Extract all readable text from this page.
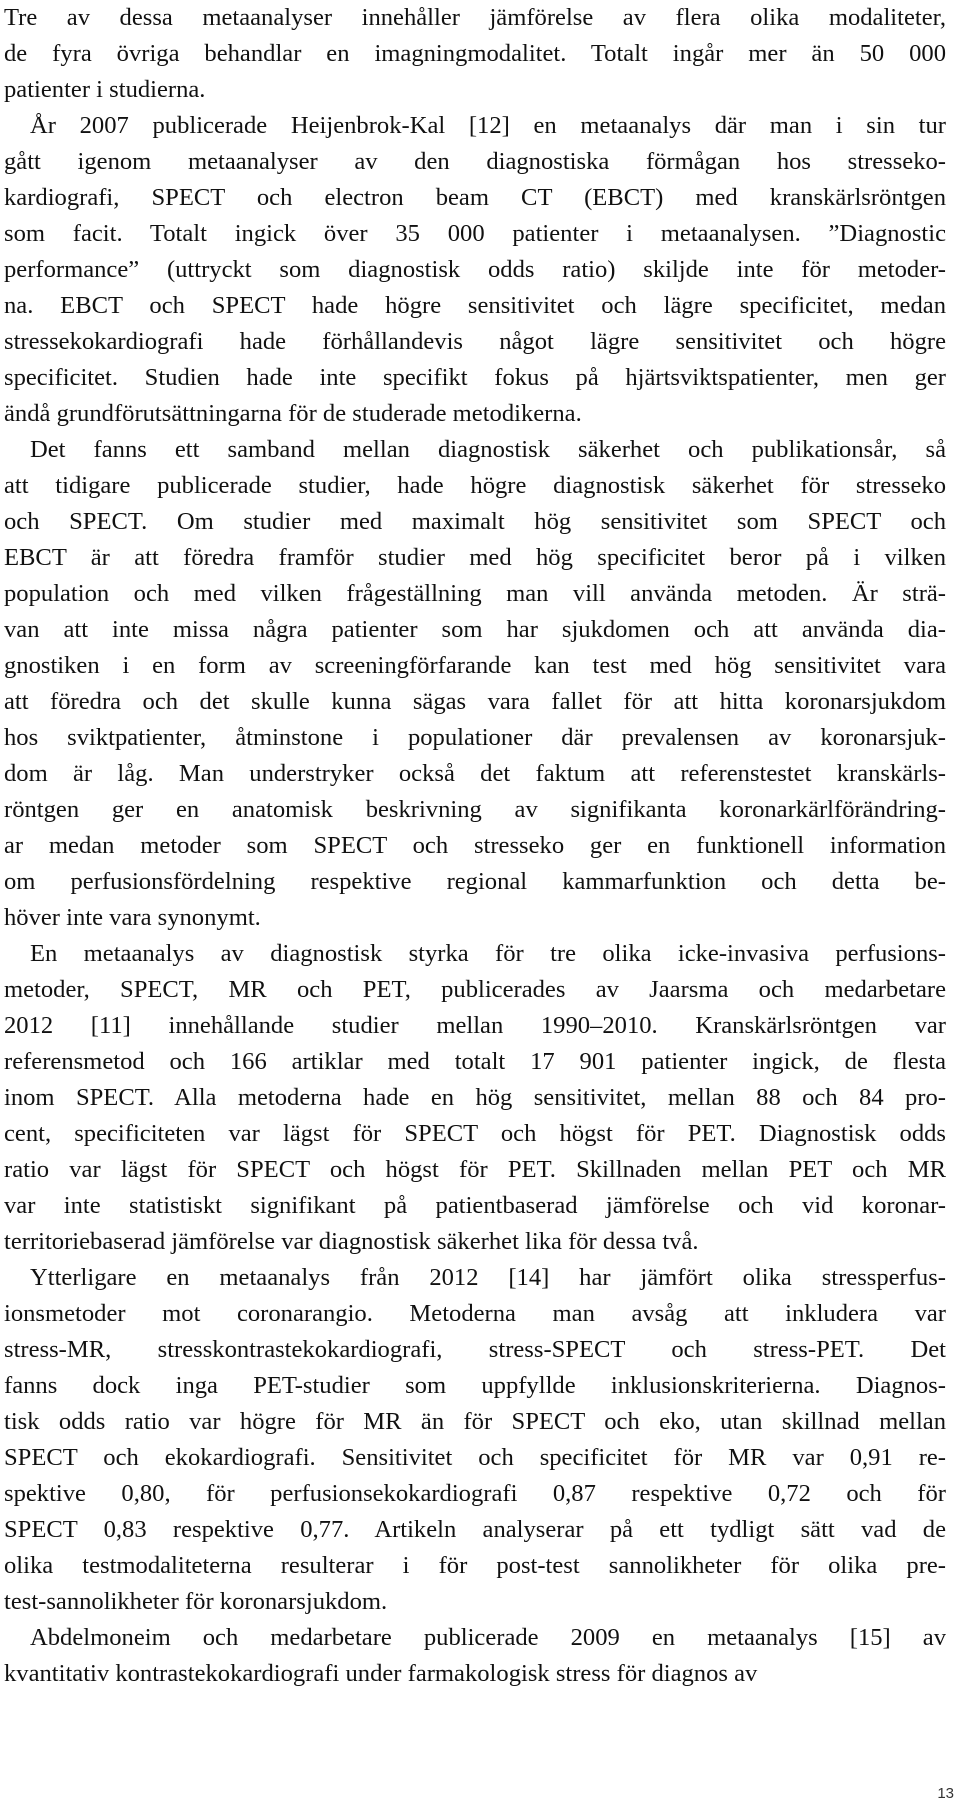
Tre av dessa metaanalyser innehåller jämförelse av flera olika modaliteter,
de fyra övriga behandlar en imagningmodalitet. Totalt ingår mer än 50 000
patienter i studierna.
År 2007 publicerade Heijenbrok-Kal [12] en metaanalys där man i sin tur
gått igenom metaanalyser av den diagnostiska förmågan hos stresseko-
kardiografi, SPECT och electron beam CT (EBCT) med kranskärlsröntgen
som facit. Totalt ingick över 35 000 patienter i metaanalysen. ”Diagnostic
performance” (uttryckt som diagnostisk odds ratio) skiljde inte för metoder-
na. EBCT och SPECT hade högre sensitivitet och lägre specificitet, medan
stressekokardiografi hade förhållandevis något lägre sensitivitet och högre
specificitet. Studien hade inte specifikt fokus på hjärtsviktspatienter, men ger
ändå grundförutsättningarna för de studerade metodikerna.
Det fanns ett samband mellan diagnostisk säkerhet och publikationsår, så
att tidigare publicerade studier, hade högre diagnostisk säkerhet för stresseko
och SPECT. Om studier med maximalt hög sensitivitet som SPECT och
EBCT är att föredra framför studier med hög specificitet beror på i vilken
population och med vilken frågeställning man vill använda metoden. Är strä-
van att inte missa några patienter som har sjukdomen och att använda dia-
gnostiken i en form av screeningförfarande kan test med hög sensitivitet vara
att föredra och det skulle kunna sägas vara fallet för att hitta koronarsjukdom
hos sviktpatienter, åtminstone i populationer där prevalensen av koronarsjuk-
dom är låg. Man understryker också det faktum att referenstestet kranskärls-
röntgen ger en anatomisk beskrivning av signifikanta koronarkärlförändring-
ar medan metoder som SPECT och stresseko ger en funktionell information
om perfusionsfördelning respektive regional kammarfunktion och detta be-
höver inte vara synonymt.
En metaanalys av diagnostisk styrka för tre olika icke-invasiva perfusions-
metoder, SPECT, MR och PET, publicerades av Jaarsma och medarbetare
2012 [11] innehållande studier mellan 1990–2010. Kranskärlsröntgen var
referensmetod och 166 artiklar med totalt 17 901 patienter ingick, de flesta
inom SPECT. Alla metoderna hade en hög sensitivitet, mellan 88 och 84 pro-
cent, specificiteten var lägst för SPECT och högst för PET. Diagnostisk odds
ratio var lägst för SPECT och högst för PET. Skillnaden mellan PET och MR
var inte statistiskt signifikant på patientbaserad jämförelse och vid koronar-
territoriebaserad jämförelse var diagnostisk säkerhet lika för dessa två.
Ytterligare en metaanalys från 2012 [14] har jämfört olika stressperfus-
ionsmetoder mot coronarangio. Metoderna man avsåg att inkludera var
stress-MR, stresskontrastekokardiografi, stress-SPECT och stress-PET. Det
fanns dock inga PET-studier som uppfyllde inklusionskriterierna. Diagnos-
tisk odds ratio var högre för MR än för SPECT och eko, utan skillnad mellan
SPECT och ekokardiografi. Sensitivitet och specificitet för MR var 0,91 re-
spektive 0,80, för perfusionsekokardiografi 0,87 respektive 0,72 och för
SPECT 0,83 respektive 0,77. Artikeln analyserar på ett tydligt sätt vad de
olika testmodaliteterna resulterar i för post-test sannolikheter för olika pre-
test-sannolikheter för koronarsjukdom.
Abdelmoneim och medarbetare publicerade 2009 en metaanalys [15] av
kvantitativ kontrastekokardiografi under farmakologisk stress för diagnos av
13
